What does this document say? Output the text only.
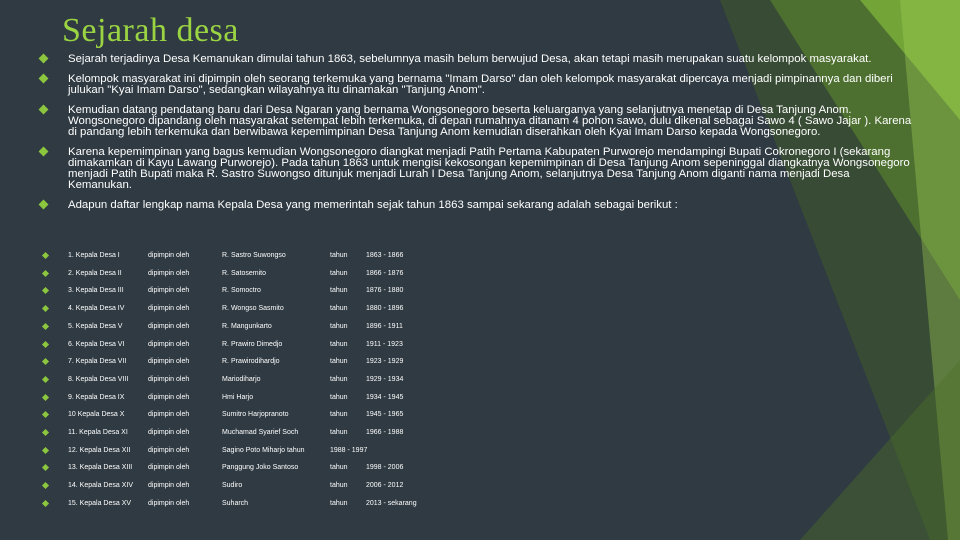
Sejarah desa
Sejarah terjadinya Desa Kemanukan dimulai tahun 1863, sebelumnya masih belum berwujud Desa, akan tetapi masih merupakan suatu kelompok masyarakat.
Kelompok masyarakat ini dipimpin oleh seorang terkemuka yang bernama "Imam Darso" dan oleh kelompok masyarakat dipercaya menjadi pimpinannya dan diberi julukan "Kyai Imam Darso", sedangkan wilayahnya itu dinamakan "Tanjung Anom".
Kemudian datang pendatang baru dari Desa Ngaran yang bernama Wongsonegoro beserta keluarganya yang selanjutnya menetap di Desa Tanjung Anom. Wongsonegoro dipandang oleh masyarakat setempat lebih terkemuka, di depan rumahnya ditanam 4 pohon sawo, dulu dikenal sebagai Sawo 4 ( Sawo Jajar ). Karena di pandang lebih terkemuka dan berwibawa kepemimpinan Desa Tanjung Anom kemudian diserahkan oleh Kyai Imam Darso kepada Wongsonegoro.
Karena kepemimpinan yang bagus kemudian Wongsonegoro diangkat menjadi Patih Pertama Kabupaten Purworejo mendampingi Bupati Cokronegoro I (sekarang dimakamkan di Kayu Lawang Purworejo). Pada tahun 1863 untuk mengisi kekosongan kepemimpinan di Desa Tanjung Anom sepeninggal diangkatnya Wongsonegoro menjadi Patih Bupati maka R. Sastro Suwongso ditunjuk menjadi Lurah I Desa Tanjung Anom, selanjutnya Desa Tanjung Anom diganti nama menjadi Desa Kemanukan.
Adapun daftar lengkap nama Kepala Desa yang memerintah sejak tahun 1863 sampai sekarang adalah sebagai berikut :
1. Kepala Desa I	dipimpin oleh	R. Sastro Suwongso	tahun	1863 - 1866
2. Kepala Desa II	dipimpin oleh	R. Satosemito	tahun	1866 - 1876
3. Kepala Desa III	dipimpin oleh	R. Somoctro	tahun	1876 - 1880
4. Kepala Desa IV	dipimpin oleh	R. Wongso Sasmito	tahun	1880 - 1896
5. Kepala Desa V	dipimpin oleh	R. Mangunkarto	tahun	1896 - 1911
6. Kepala Desa VI	dipimpin oleh	R. Prawiro Dimedjo	tahun	1911 - 1923
7. Kepala Desa VII	dipimpin oleh	R. Prawirodihardjo	tahun	1923 - 1929
8. Kepala Desa VIII	dipimpin oleh	Mariodiharjo	tahun	1929 - 1934
9. Kepala Desa IX	dipimpin oleh	Hmi Harjo	tahun	1934 - 1945
10 Kepala Desa X	dipimpin oleh	Sumitro Harjopranoto	tahun	1945 - 1965
11. Kepala Desa XI	dipimpin oleh	Muchamad Syarief Soch	tahun	1966 - 1988
12. Kepala Desa XII	dipimpin oleh	Sagino Poto Miharjo tahun	1988 - 1997
13. Kepala Desa XIII dipimpin oleh	Panggung Joko Santoso	tahun	1998 - 2006
14. Kepala Desa XIV dipimpin oleh	Sudiro	tahun	2006 - 2012
15. Kepala Desa XV dipimpin oleh	Suharch	tahun	2013 - sekarang
